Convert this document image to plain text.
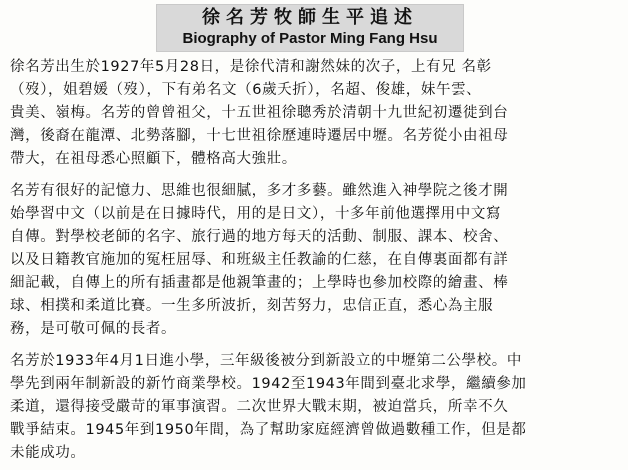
徐名芳牧師生平追述
Biography of Pastor Ming Fang Hsu
徐名芳出生於1927年5月28日，是徐代清和謝然妹的次子，上有兄 名彰
（歿），姐碧媛（歿），下有弟名文（6歲夭折），名超、俊雄，妹午雲、
貴美、嶺梅。名芳的曾曾祖父，十五世祖徐聰秀於清朝十九世紀初遷徙到台
灣，後裔在龍潭、北勢落腳，十七世祖徐歷連時遷居中壢。名芳從小由祖母
帶大，在祖母悉心照顧下，體格高大強壯。
名芳有很好的記憶力、思維也很細膩，多才多藝。雖然進入神學院之後才開
始學習中文（以前是在日據時代，用的是日文），十多年前他選擇用中文寫
自傳。對學校老師的名字、旅行過的地方每天的活動、制服、課本、校舍、
以及日籍教官施加的冤枉屈辱、和班級主任教諭的仁慈，在自傳裏面都有詳
細記載，自傳上的所有插畫都是他親筆畫的；上學時也參加校際的繪畫、棒
球、相撲和柔道比賽。一生多所波折，刻苦努力，忠信正直，悉心為主服
務，是可敬可佩的長者。
名芳於1933年4月1日進小學，三年級後被分到新設立的中壢第二公學校。中
學先到兩年制新設的新竹商業學校。1942至1943年間到臺北求學，繼續參加
柔道，還得接受嚴苛的軍事演習。二次世界大戰末期，被迫當兵，所幸不久
戰爭結束。1945年到1950年間，為了幫助家庭經濟曾做過數種工作，但是都
未能成功。
